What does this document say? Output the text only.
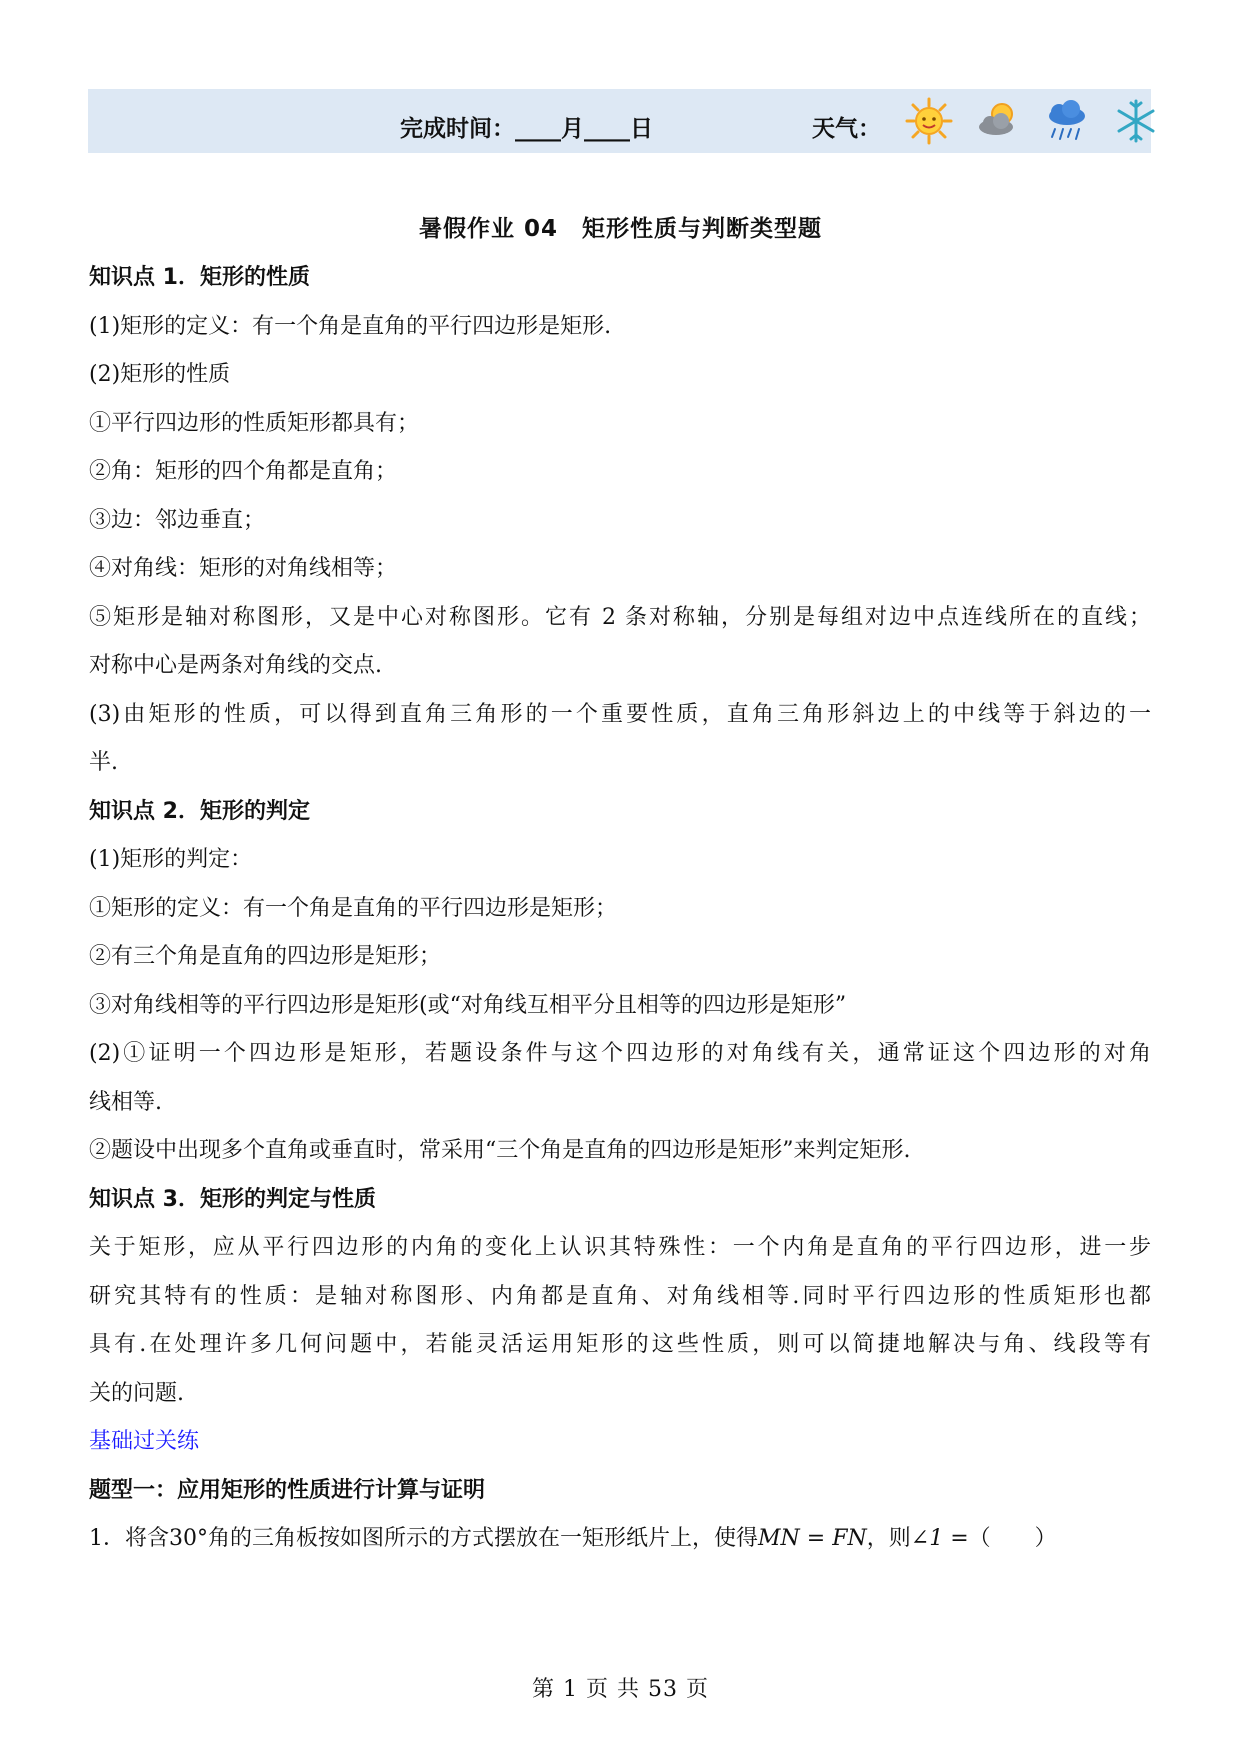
完成时间：____月____日	天气：
暑假作业 04　矩形性质与判断类型题
知识点 1．矩形的性质
(1)矩形的定义：有一个角是直角的平行四边形是矩形.
(2)矩形的性质
①平行四边形的性质矩形都具有；
②角：矩形的四个角都是直角；
③边：邻边垂直；
④对角线：矩形的对角线相等；
⑤矩形是轴对称图形，又是中心对称图形。它有 2 条对称轴，分别是每组对边中点连线所在的直线；
对称中心是两条对角线的交点.
(3)由矩形的性质，可以得到直角三角形的一个重要性质，直角三角形斜边上的中线等于斜边的一
半.
知识点 2．矩形的判定
(1)矩形的判定：
①矩形的定义：有一个角是直角的平行四边形是矩形；
②有三个角是直角的四边形是矩形；
③对角线相等的平行四边形是矩形(或“对角线互相平分且相等的四边形是矩形”
(2)①证明一个四边形是矩形，若题设条件与这个四边形的对角线有关，通常证这个四边形的对角
线相等.
②题设中出现多个直角或垂直时，常采用“三个角是直角的四边形是矩形”来判定矩形.
知识点 3．矩形的判定与性质
关于矩形，应从平行四边形的内角的变化上认识其特殊性：一个内角是直角的平行四边形，进一步
研究其特有的性质：是轴对称图形、内角都是直角、对角线相等.同时平行四边形的性质矩形也都
具有.在处理许多几何问题中，若能灵活运用矩形的这些性质，则可以简捷地解决与角、线段等有
关的问题.
基础过关练
题型一：应用矩形的性质进行计算与证明
1．将含30°角的三角板按如图所示的方式摆放在一矩形纸片上，使得MN = FN，则∠1 =（　　）
第 1 页 共 53 页
